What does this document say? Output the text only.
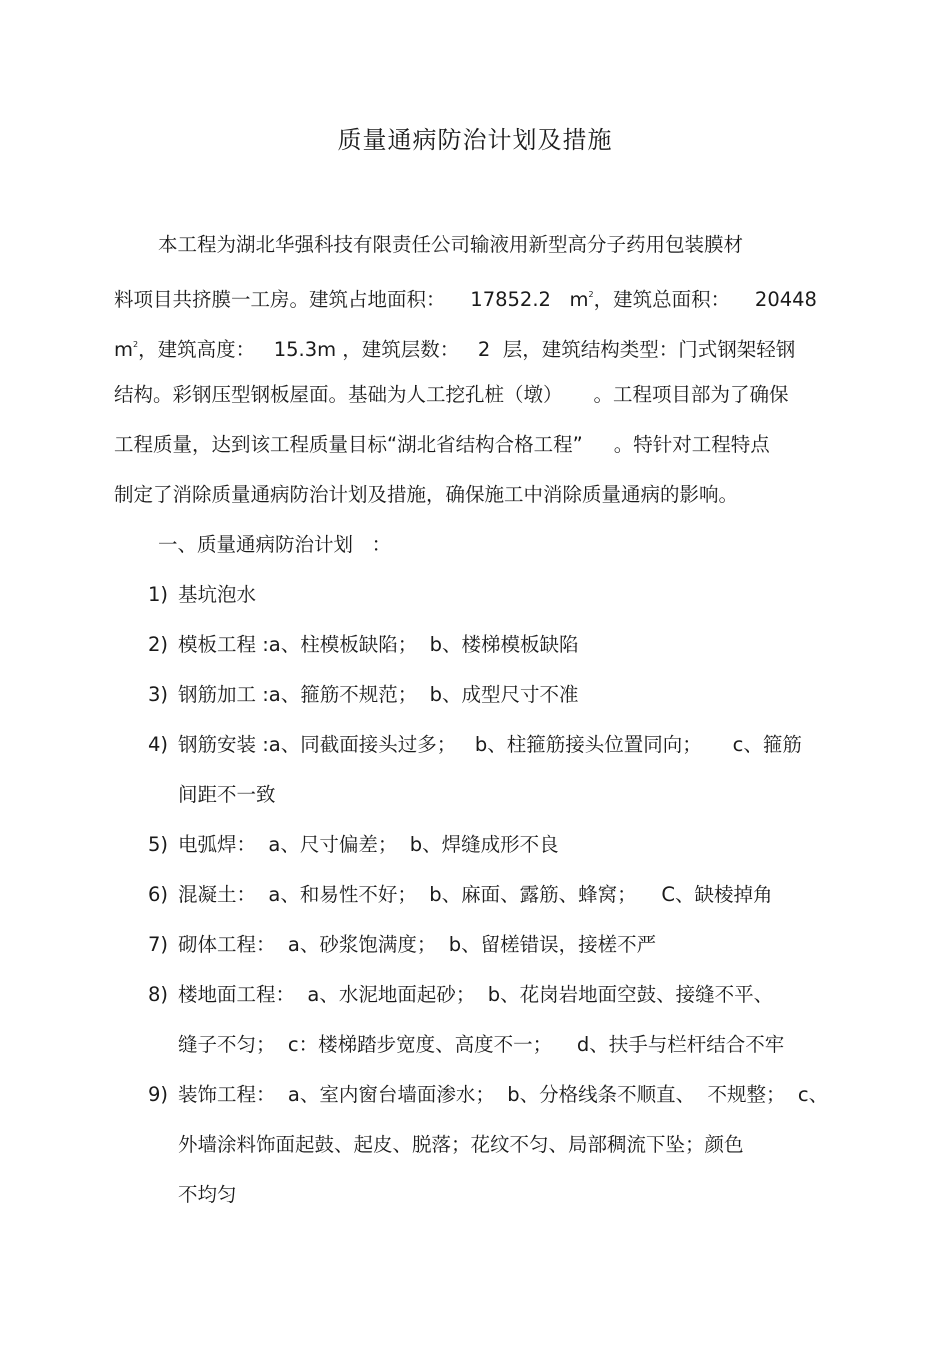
质量通病防治计划及措施
本工程为湖北华强科技有限责任公司输液用新型高分子药用包装膜材
料项目共挤膜一工房。建筑占地面积：    17852.2   $m^2$，建筑总面积：    20448
$m^2$，建筑高度：   15.3m ，建筑层数：   2  层，建筑结构类型：门式钢架轻钢
结构。彩钢压型钢板屋面。基础为人工挖孔桩（墩）     。工程项目部为了确保
工程质量，达到该工程质量目标“湖北省结构合格工程”     。特针对工程特点
制定了消除质量通病防治计划及措施，确保施工中消除质量通病的影响。
一、质量通病防治计划   ：
1) 基坑泡水
2) 模板工程 :a、柱模板缺陷；  b、楼梯模板缺陷
3) 钢筋加工 :a、箍筋不规范；  b、成型尺寸不准
4) 钢筋安装 :a、同截面接头过多；   b、柱箍筋接头位置同向；     c、箍筋
间距不一致
5) 电弧焊：  a、尺寸偏差；  b、焊缝成形不良
6) 混凝土：  a、和易性不好；  b、麻面、露筋、蜂窝；    C、缺棱掉角
7) 砌体工程：  a、砂浆饱满度；  b、留槎错误，接槎不严
8) 楼地面工程：  a、水泥地面起砂；  b、花岗岩地面空鼓、接缝不平、
缝子不匀；  c：楼梯踏步宽度、高度不一；    d、扶手与栏杆结合不牢
9) 装饰工程：  a、室内窗台墙面渗水；  b、分格线条不顺直、  不规整；  c、
外墙涂料饰面起鼓、起皮、脱落；花纹不匀、局部稠流下坠；颜色
不均匀
